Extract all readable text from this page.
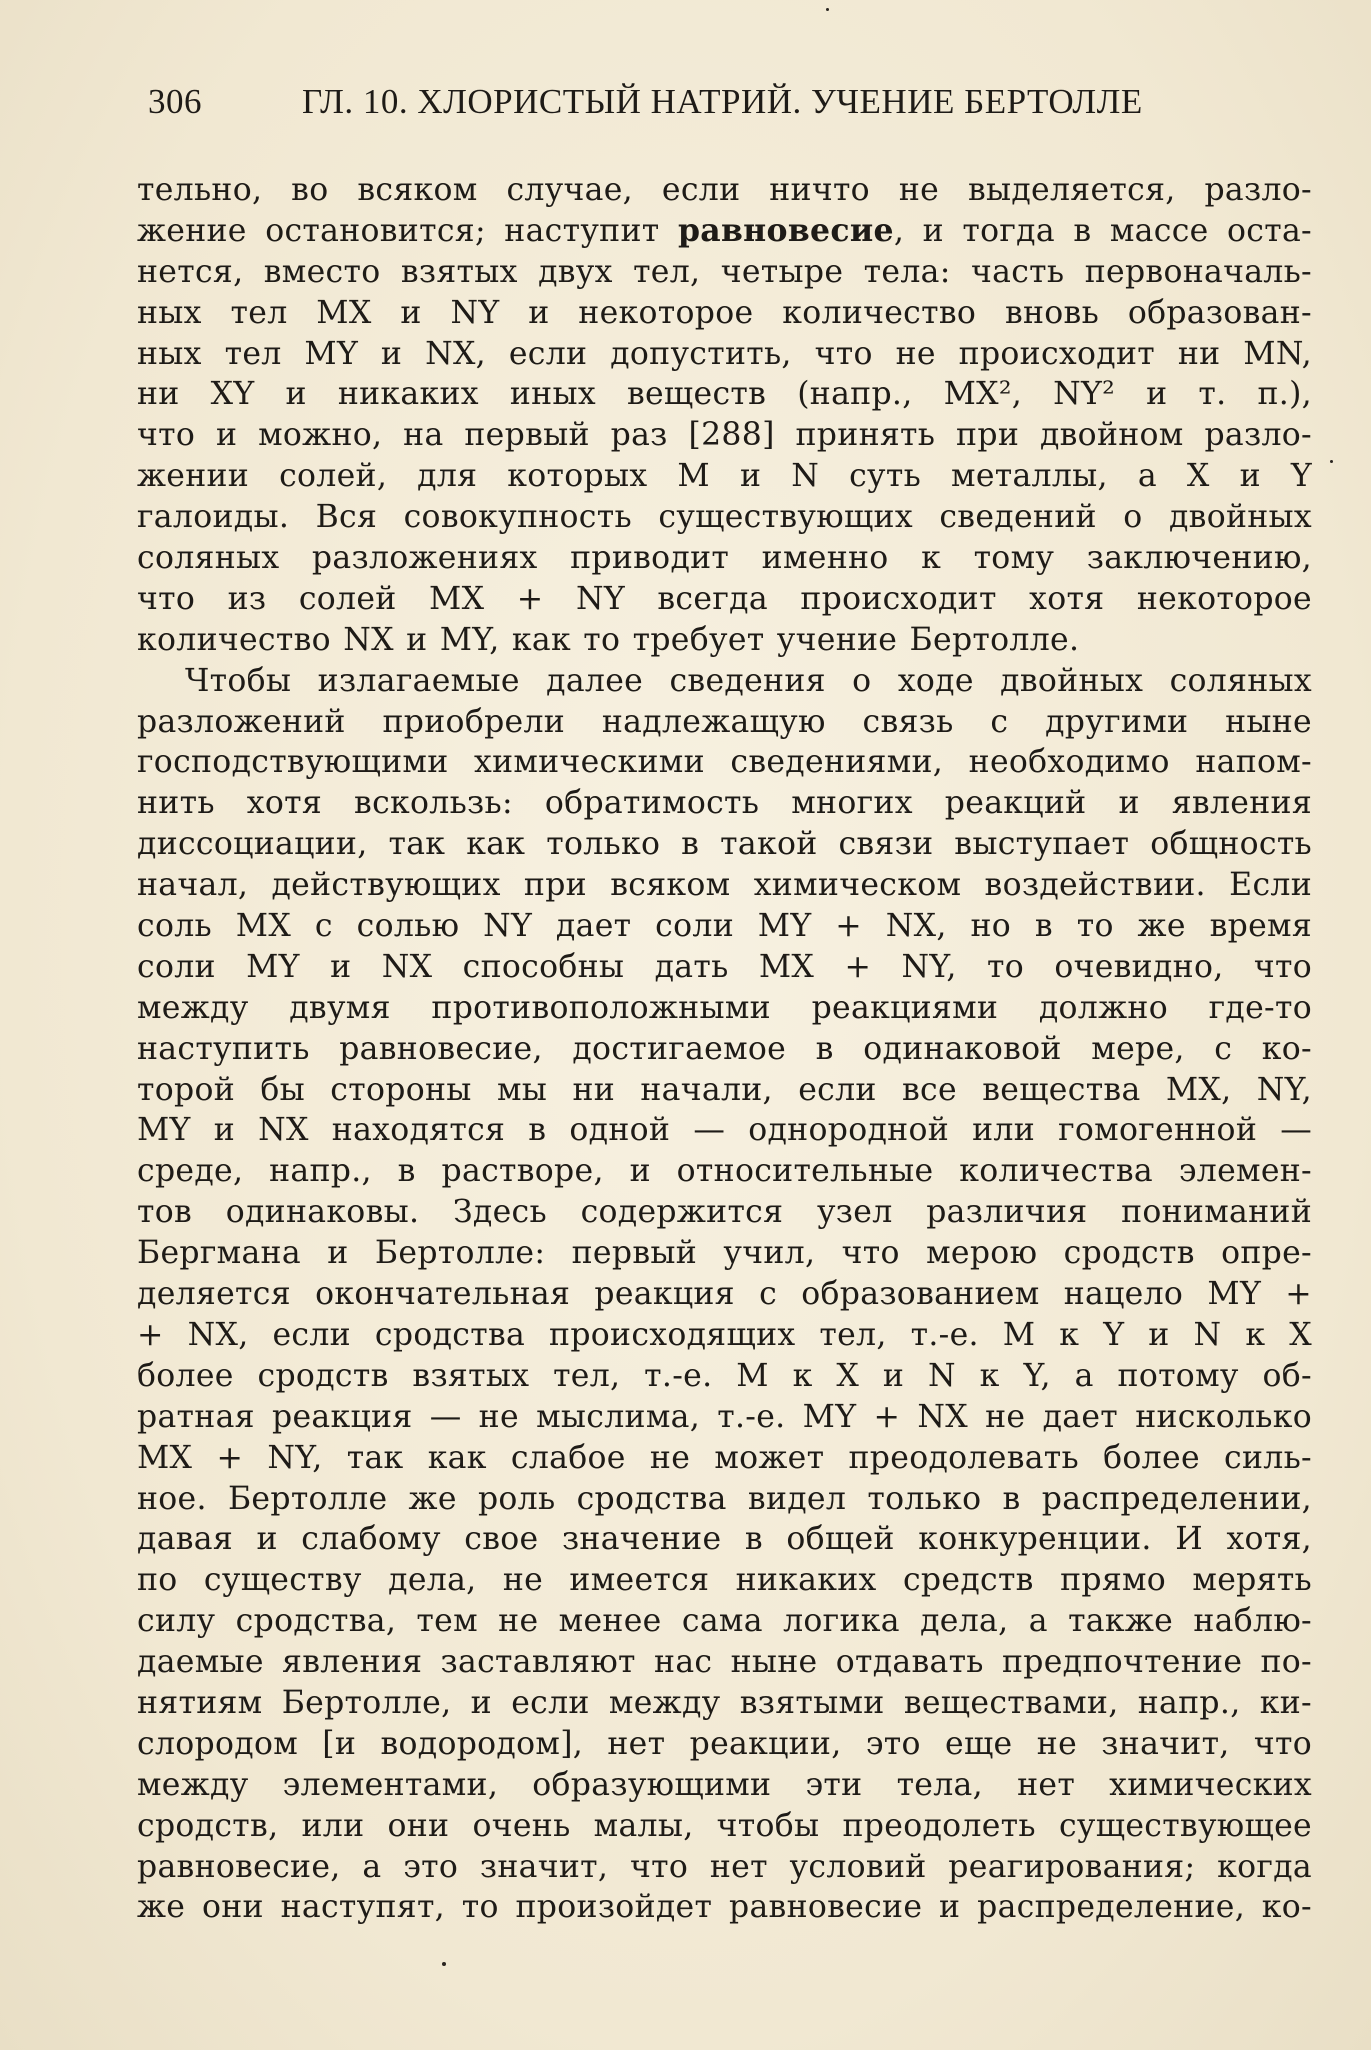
306	ГЛ. 10. ХЛОРИСТЫЙ НАТРИЙ. УЧЕНИЕ БЕРТОЛЛЕ
тельно, во всяком случае, если ничто не выделяется, разло-
жение остановится; наступит равновесие, и тогда в массе оста-
нется, вместо взятых двух тел, четыре тела: часть первоначаль-
ных тел MX и NY и некоторое количество вновь образован-
ных тел MY и NX, если допустить, что не происходит ни MN,
ни XY и никаких иных веществ (напр., MX², NY² и т. п.),
что и можно, на первый раз [288] принять при двойном разло-
жении солей, для которых M и N суть металлы, а X и Y
галоиды. Вся совокупность существующих сведений о двойных
соляных разложениях приводит именно к тому заключению,
что из солей MX + NY всегда происходит хотя некоторое
количество NX и MY, как то требует учение Бертолле.
Чтобы излагаемые далее сведения о ходе двойных соляных
разложений приобрели надлежащую связь с другими ныне
господствующими химическими сведениями, необходимо напом-
нить хотя вскользь: обратимость многих реакций и явления
диссоциации, так как только в такой связи выступает общность
начал, действующих при всяком химическом воздействии. Если
соль MX с солью NY дает соли MY + NX, но в то же время
соли MY и NX способны дать MX + NY, то очевидно, что
между двумя противоположными реакциями должно где-то
наступить равновесие, достигаемое в одинаковой мере, с ко-
торой бы стороны мы ни начали, если все вещества MX, NY,
MY и NX находятся в одной — однородной или гомогенной —
среде, напр., в растворе, и относительные количества элемен-
тов одинаковы. Здесь содержится узел различия пониманий
Бергмана и Бертолле: первый учил, что мерою сродств опре-
деляется окончательная реакция с образованием нацело MY +
+ NX, если сродства происходящих тел, т.-е. M к Y и N к X
более сродств взятых тел, т.-е. M к X и N к Y, а потому об-
ратная реакция — не мыслима, т.-е. MY + NX не дает нисколько
MX + NY, так как слабое не может преодолевать более силь-
ное. Бертолле же роль сродства видел только в распределении,
давая и слабому свое значение в общей конкуренции. И хотя,
по существу дела, не имеется никаких средств прямо мерять
силу сродства, тем не менее сама логика дела, а также наблю-
даемые явления заставляют нас ныне отдавать предпочтение по-
нятиям Бертолле, и если между взятыми веществами, напр., ки-
слородом [и водородом], нет реакции, это еще не значит, что
между элементами, образующими эти тела, нет химических
сродств, или они очень малы, чтобы преодолеть существующее
равновесие, а это значит, что нет условий реагирования; когда
же они наступят, то произойдет равновесие и распределение, ко-
